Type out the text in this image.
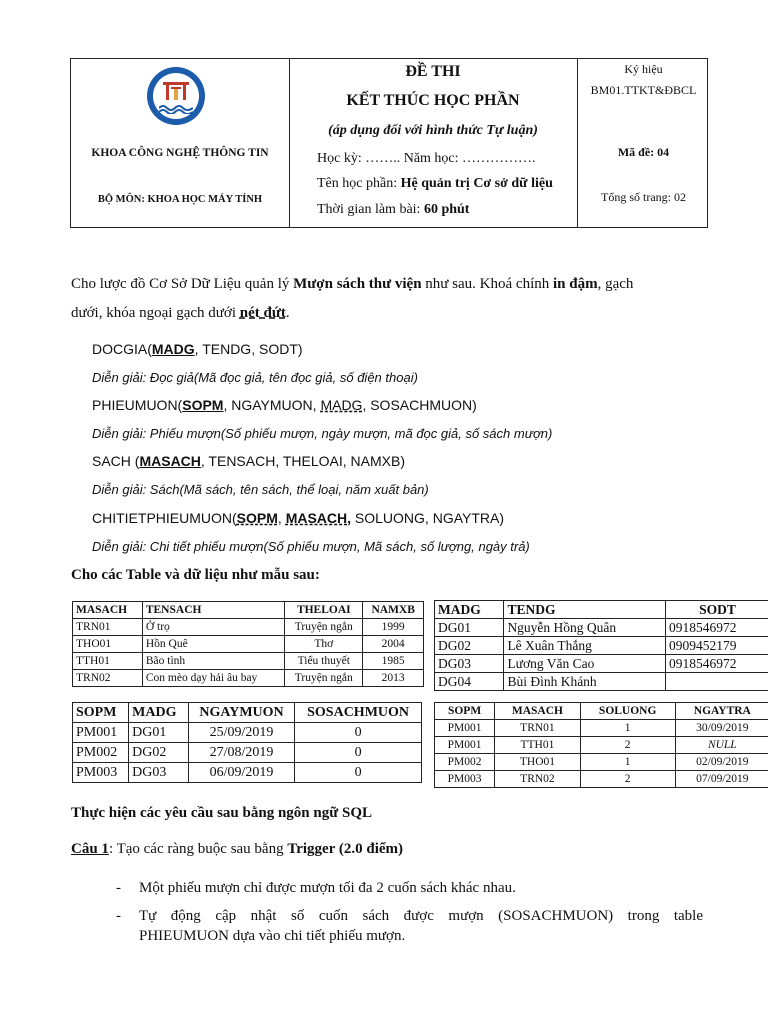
KHOA CÔNG NGHỆ THÔNG TIN
BỘ MÔN: KHOA HỌC MÁY TÍNH
ĐỀ THI
KẾT THÚC HỌC PHẦN
(áp dụng đối với hình thức Tự luận)
Học kỳ: …….. Năm học: …………….
Tên học phần: Hệ quản trị Cơ sở dữ liệu
Thời gian làm bài: 60 phút
Ký hiệu
BM01.TTKT&ĐBCL
Mã đề: 04
Tổng số trang: 02
Cho lược đồ Cơ Sở Dữ Liệu quản lý Mượn sách thư viện như sau. Khoá chính in đậm, gạch
dưới, khóa ngoại gạch dưới nét đứt.
DOCGIA(MADG, TENDG, SODT)
Diễn giải: Đọc giả(Mã đọc giả, tên đọc giả, số điện thoại)
PHIEUMUON(SOPM, NGAYMUON, MADG, SOSACHMUON)
Diễn giải: Phiếu mượn(Số phiếu mượn, ngày mượn, mã đọc giả, số sách mượn)
SACH (MASACH, TENSACH, THELOAI, NAMXB)
Diễn giải: Sách(Mã sách, tên sách, thể loại, năm xuất bản)
CHITIETPHIEUMUON(SOPM, MASACH, SOLUONG, NGAYTRA)
Diễn giải: Chi tiết phiếu mượn(Số phiếu mượn, Mã sách, số lượng, ngày trả)
Cho các Table và dữ liệu như mẫu sau:
MASACH	TENSACH	THELOAI	NAMXB
TRN01	Ở trọ	Truyện ngắn	1999
THO01	Hồn Quê	Thơ	2004
TTH01	Bão tình	Tiểu thuyết	1985
TRN02	Con mèo dạy hải âu bay	Truyện ngắn	2013
MADG	TENDG	SODT
DG01	Nguyễn Hồng Quân	0918546972
DG02	Lê Xuân Thắng	0909452179
DG03	Lương Văn Cao	0918546972
DG04	Bùi Đình Khánh	
SOPM	MADG	NGAYMUON	SOSACHMUON
PM001	DG01	25/09/2019	0
PM002	DG02	27/08/2019	0
PM003	DG03	06/09/2019	0
SOPM	MASACH	SOLUONG	NGAYTRA
PM001	TRN01	1	30/09/2019
PM001	TTH01	2	NULL
PM002	THO01	1	02/09/2019
PM003	TRN02	2	07/09/2019
Thực hiện các yêu cầu sau bằng ngôn ngữ SQL
Câu 1: Tạo các ràng buộc sau bằng Trigger (2.0 điểm)
- Một phiếu mượn chỉ được mượn tối đa 2 cuốn sách khác nhau.
- Tự động cập nhật số cuốn sách được mượn (SOSACHMUON) trong table
PHIEUMUON dựa vào chi tiết phiếu mượn.
